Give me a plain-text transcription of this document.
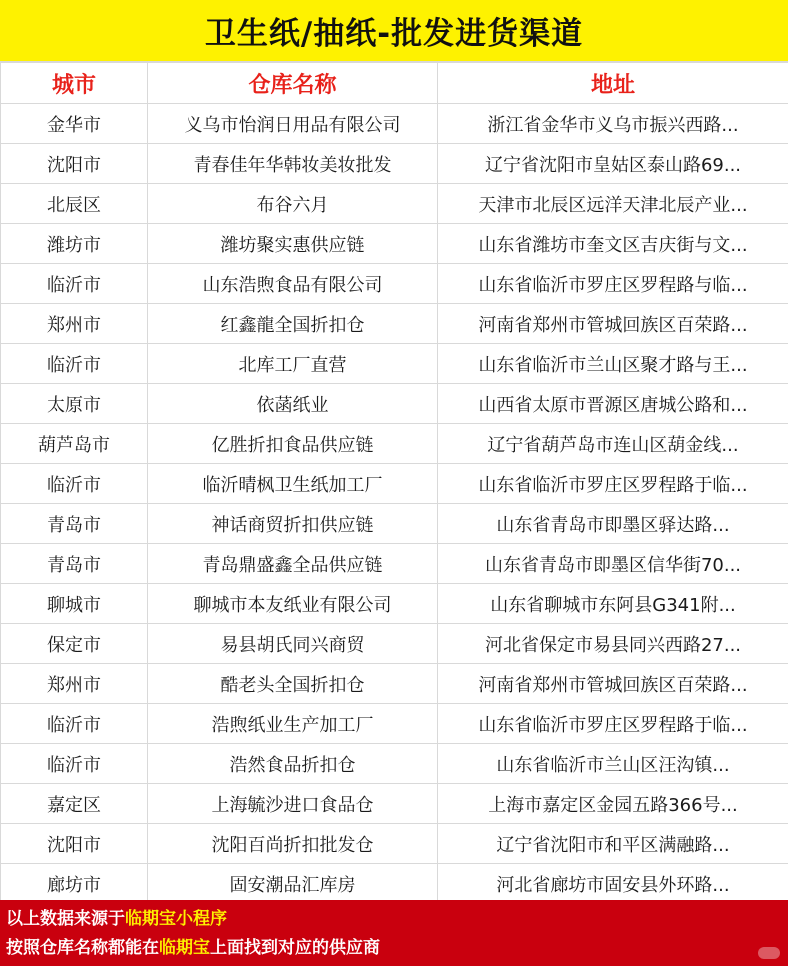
卫生纸/抽纸-批发进货渠道
城市	仓库名称	地址
金华市	义乌市怡润日用品有限公司	浙江省金华市义乌市振兴西路...
沈阳市	青春佳年华韩妆美妆批发	辽宁省沈阳市皇姑区泰山路69...
北辰区	布谷六月	天津市北辰区远洋天津北辰产业...
潍坊市	潍坊聚实惠供应链	山东省潍坊市奎文区吉庆街与文...
临沂市	山东浩煦食品有限公司	山东省临沂市罗庄区罗程路与临...
郑州市	红鑫龍全国折扣仓	河南省郑州市管城回族区百荣路...
临沂市	北库工厂直营	山东省临沂市兰山区聚才路与王...
太原市	依菡纸业	山西省太原市晋源区唐城公路和...
葫芦岛市	亿胜折扣食品供应链	辽宁省葫芦岛市连山区葫金线...
临沂市	临沂晴枫卫生纸加工厂	山东省临沂市罗庄区罗程路于临...
青岛市	神话商贸折扣供应链	山东省青岛市即墨区驿达路...
青岛市	青岛鼎盛鑫全品供应链	山东省青岛市即墨区信华街70...
聊城市	聊城市本友纸业有限公司	山东省聊城市东阿县G341附...
保定市	易县胡氏同兴商贸	河北省保定市易县同兴西路27...
郑州市	酷老头全国折扣仓	河南省郑州市管城回族区百荣路...
临沂市	浩煦纸业生产加工厂	山东省临沂市罗庄区罗程路于临...
临沂市	浩然食品折扣仓	山东省临沂市兰山区汪沟镇...
嘉定区	上海毓沙进口食品仓	上海市嘉定区金园五路366号...
沈阳市	沈阳百尚折扣批发仓	辽宁省沈阳市和平区满融路...
廊坊市	固安潮品汇库房	河北省廊坊市固安县外环路...
以上数据来源于临期宝小程序
按照仓库名称都能在临期宝上面找到对应的供应商
